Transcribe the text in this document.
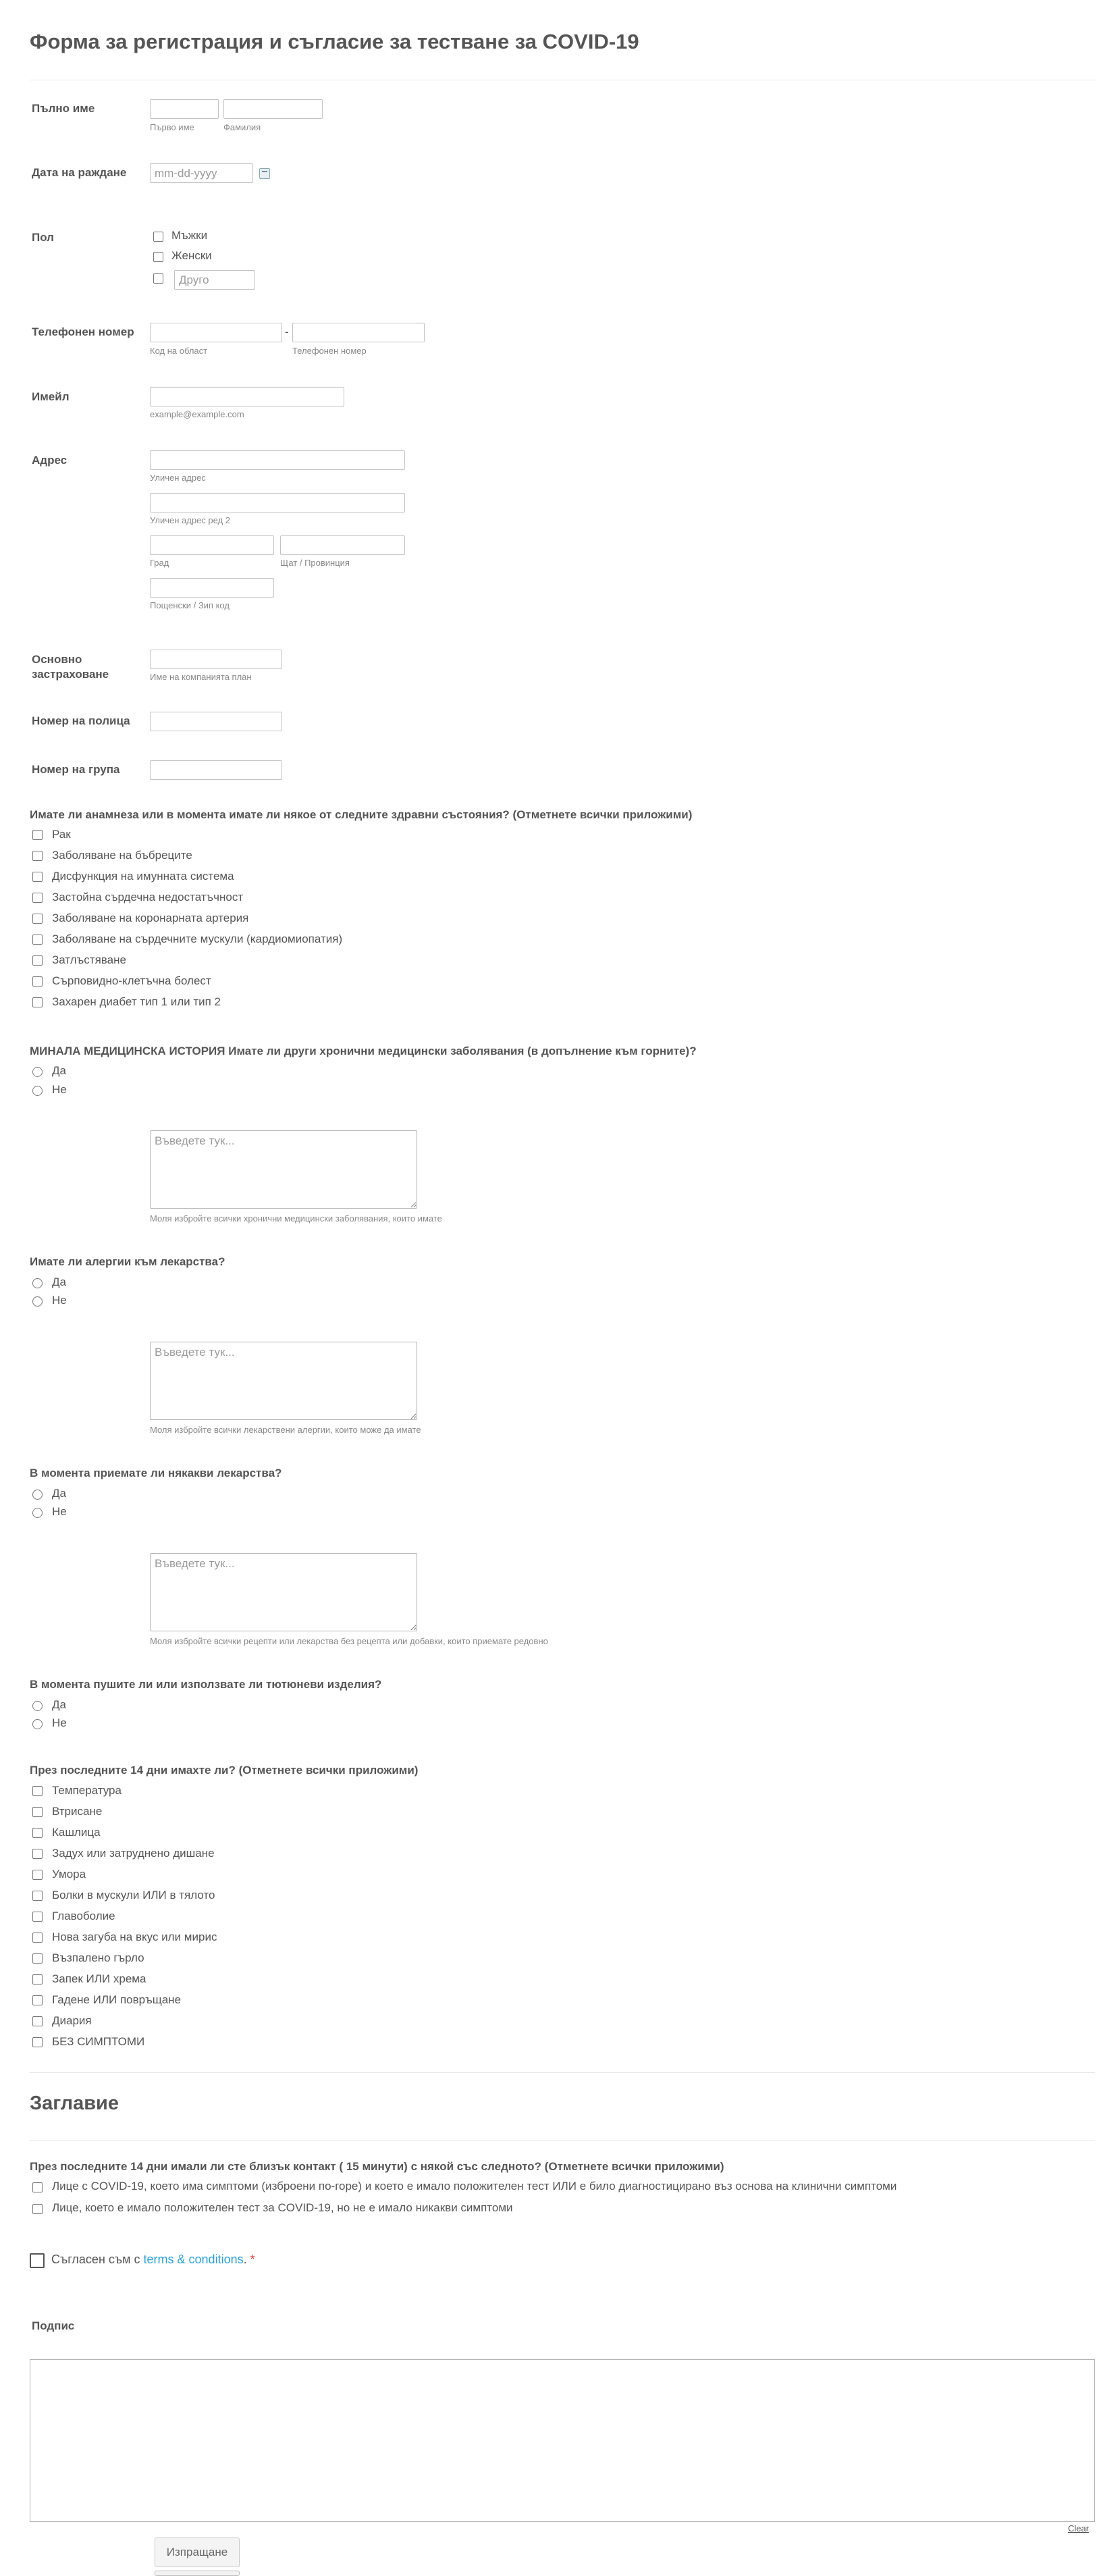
Форма за регистрация и съгласие за тестване за COVID-19
Пълно име
Първо име	Фамилия
Дата на раждане
mm-dd-yyyy
Пол	Мъжки
Женски
Друго
Телефонен номер	-
Код на област	Телефонен номер
Имейл
example@example.com
Адрес
Уличен адрес
Уличен адрес ред 2
Град	Щат / Провинция
Пощенски / Зип код
Основно застраховане	Име на компанията план
Номер на полица
Номер на група
Имате ли анамнеза или в момента имате ли някое от следните здравни състояния? (Отметнете всички приложими)
Рак
Заболяване на бъбреците
Дисфункция на имунната система
Застойна сърдечна недостатъчност
Заболяване на коронарната артерия
Заболяване на сърдечните мускули (кардиомиопатия)
Затлъстяване
Сърповидно-клетъчна болест
Захарен диабет тип 1 или тип 2
МИНАЛА МЕДИЦИНСКА ИСТОРИЯ Имате ли други хронични медицински заболявания (в допълнение към горните)?
Да
Не
Въведете тук...
Моля избройте всички хронични медицински заболявания, които имате
Имате ли алергии към лекарства?
Да
Не
Въведете тук...
Моля избройте всички лекарствени алергии, които може да имате
В момента приемате ли някакви лекарства?
Да
Не
Въведете тук...
Моля избройте всички рецепти или лекарства без рецепта или добавки, които приемате редовно
В момента пушите ли или използвате ли тютюневи изделия?
Да
Не
През последните 14 дни имахте ли? (Отметнете всички приложими)
Температура
Втрисане
Кашлица
Задух или затруднено дишане
Умора
Болки в мускули ИЛИ в тялото
Главоболие
Нова загуба на вкус или мирис
Възпалено гърло
Запек ИЛИ хрема
Гадене ИЛИ повръщане
Диария
БЕЗ СИМПТОМИ
Заглавие
През последните 14 дни имали ли сте близък контакт ( 15 минути) с някой със следното? (Отметнете всички приложими)
Лице с COVID-19, което има симптоми (изброени по-горе) и което е имало положителен тест ИЛИ е било диагностицирано въз основа на клинични симптоми
Лице, което е имало положителен тест за COVID-19, но не е имало никакви симптоми
Съгласен съм с terms & conditions. *
Подпис
Clear
Изпращане
